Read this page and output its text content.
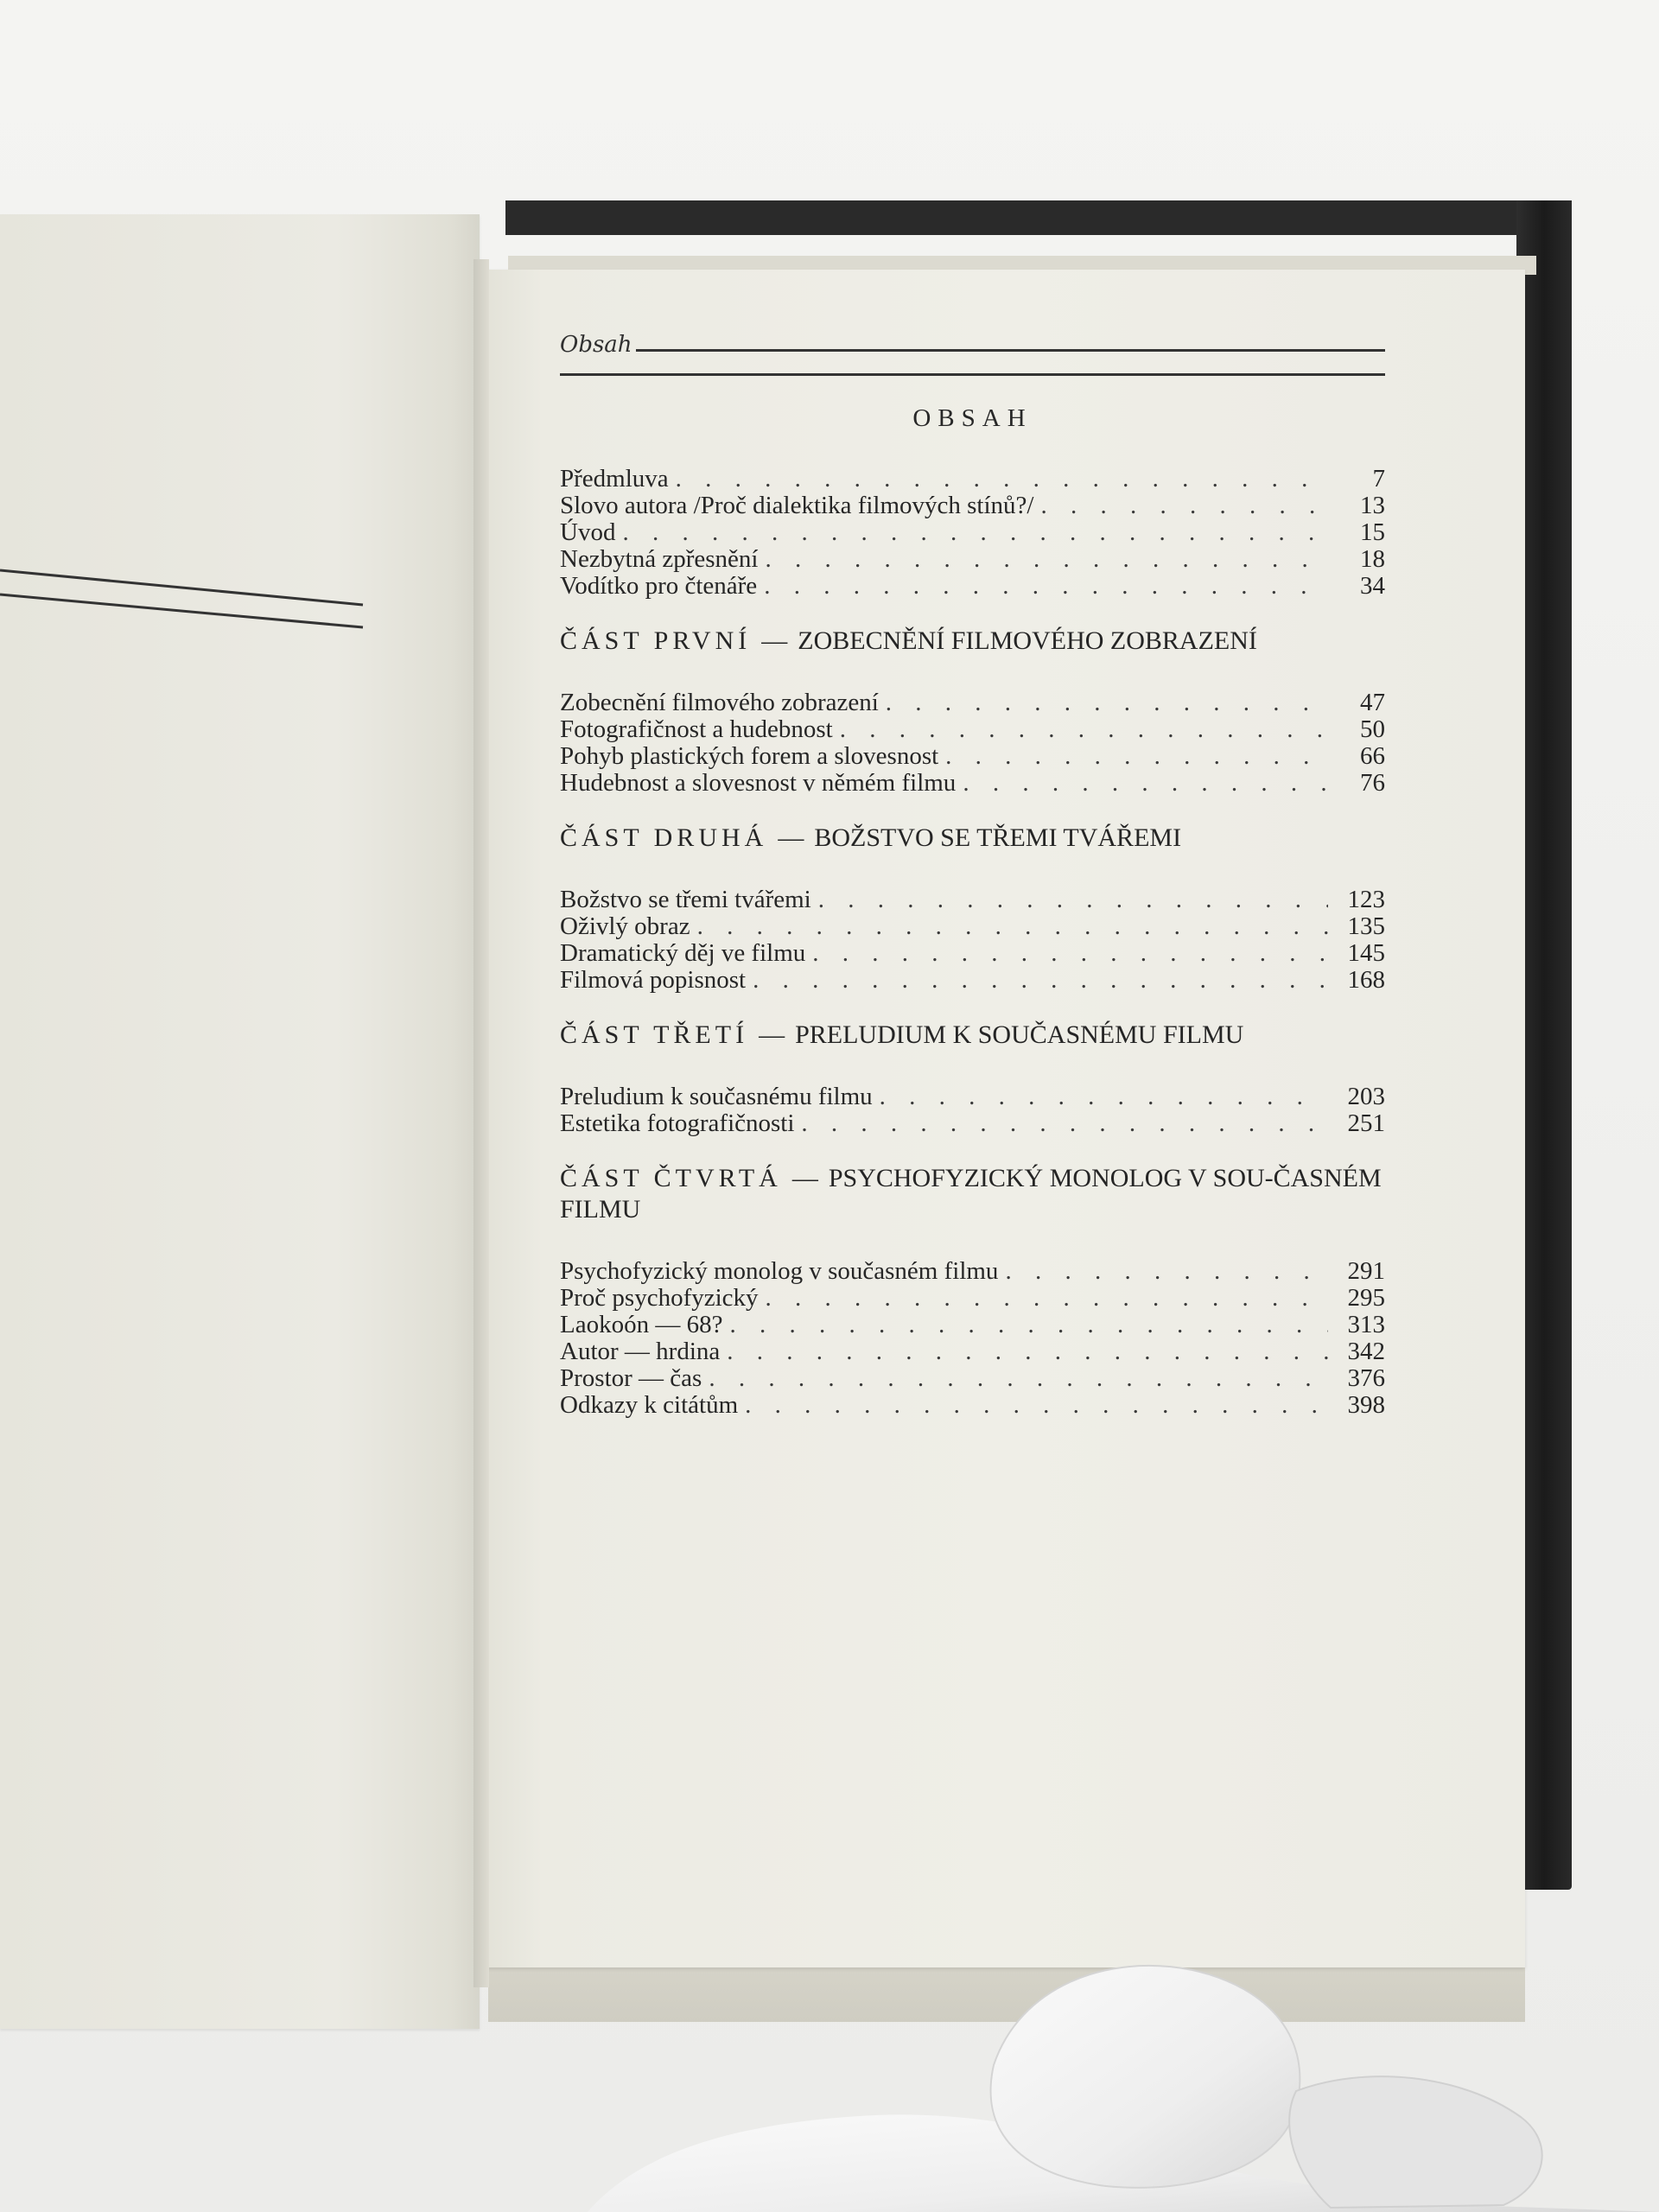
Obsah
OBSAH
Předmluva . . .	7
Slovo autora /Proč dialektika filmových stínů?/ . . .	13
Úvod . . .	15
Nezbytná zpřesnění . . .	18
Vodítko pro čtenáře . . .	34
ČÁST PRVNÍ — ZOBECNĚNÍ FILMOVÉHO ZOBRAZENÍ
Zobecnění filmového zobrazení . . .	47
Fotografičnost a hudebnost . . .	50
Pohyb plastických forem a slovesnost . . .	66
Hudebnost a slovesnost v němém filmu . . .	76
ČÁST DRUHÁ — BOŽSTVO SE TŘEMI TVÁŘEMI
Božstvo se třemi tvářemi . . .	123
Oživlý obraz . . .	135
Dramatický děj ve filmu . . .	145
Filmová popisnost . . .	168
ČÁST TŘETÍ — PRELUDIUM K SOUČASNÉMU FILMU
Preludium k současnému filmu . . .	203
Estetika fotografičnosti . . .	251
ČÁST ČTVRTÁ — PSYCHOFYZICKÝ MONOLOG V SOU-ČASNÉM FILMU
Psychofyzický monolog v současném filmu . . .	291
Proč psychofyzický . . .	295
Laokoón — 68? . . .	313
Autor — hrdina . . .	342
Prostor — čas . . .	376
Odkazy k citátům . . .	398
